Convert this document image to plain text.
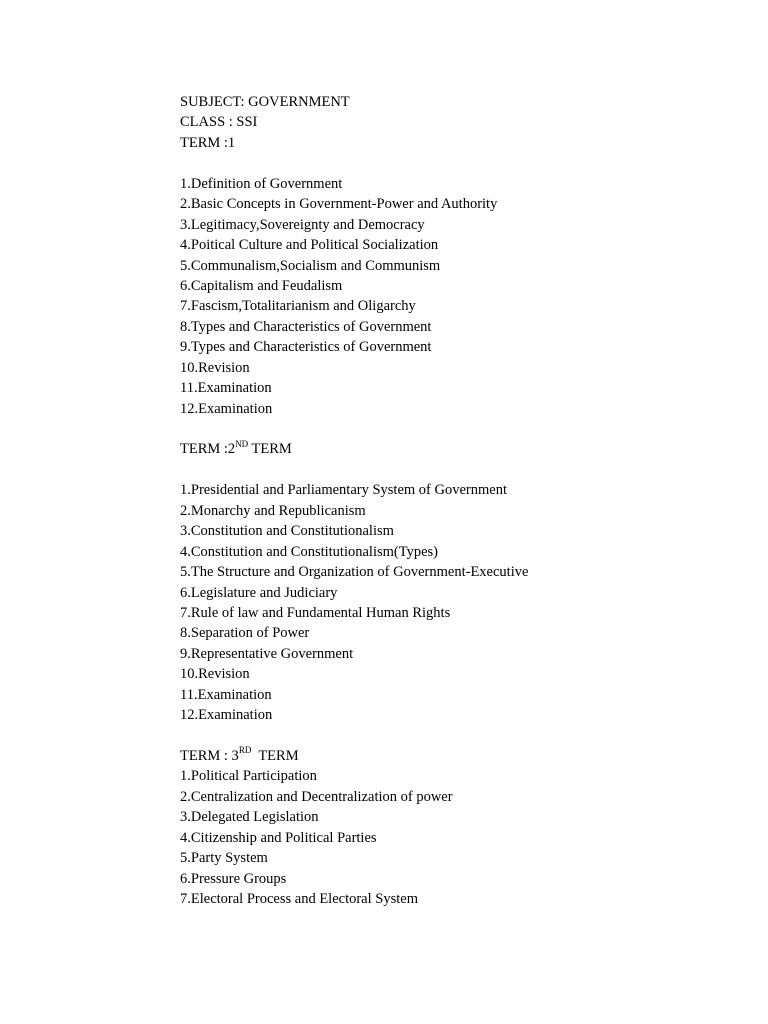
SUBJECT: GOVERNMENT
CLASS : SSI
TERM :1
1.Definition of Government
2.Basic Concepts in Government-Power and Authority
3.Legitimacy,Sovereignty and Democracy
4.Poitical Culture and Political Socialization
5.Communalism,Socialism and Communism
6.Capitalism and Feudalism
7.Fascism,Totalitarianism and Oligarchy
8.Types and Characteristics of Government
9.Types and Characteristics of Government
10.Revision
11.Examination
12.Examination
TERM :2ND TERM
1.Presidential and Parliamentary System of Government
2.Monarchy and Republicanism
3.Constitution and Constitutionalism
4.Constitution and Constitutionalism(Types)
5.The Structure and Organization of Government-Executive
6.Legislature and Judiciary
7.Rule of law and Fundamental Human Rights
8.Separation of Power
9.Representative Government
10.Revision
11.Examination
12.Examination
TERM : 3RD  TERM
1.Political Participation
2.Centralization and Decentralization of power
3.Delegated Legislation
4.Citizenship and Political Parties
5.Party System
6.Pressure Groups
7.Electoral Process and Electoral System
